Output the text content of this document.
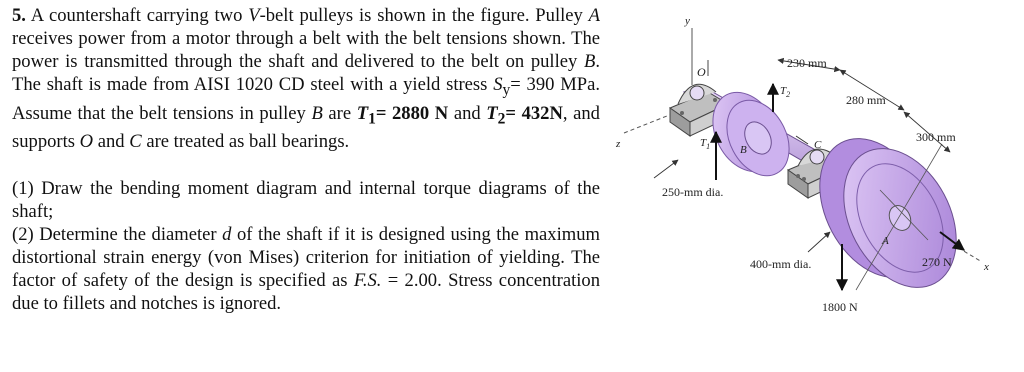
5. A countershaft carrying two V-belt pulleys is shown in the figure. Pulley A receives power from a motor through a belt with the belt tensions shown. The power is transmitted through the shaft and delivered to the belt on pulley B. The shaft is made from AISI 1020 CD steel with a yield stress $S_y= 390$ MPa. Assume that the belt tensions in pulley B are $T_1= 2880$ N and $T_2= 432N$, and supports O and C are treated as ball bearings.

(1) Draw the bending moment diagram and internal torque diagrams of the shaft;

(2) Determine the diameter d of the shaft if it is designed using the maximum distortional strain energy (von Mises) criterion for initiation of yielding. The factor of safety of the design is specified as F.S. = 2.00. Stress concentration due to fillets and notches is ignored.

y
z
x
O
B
$T_1$
$T_2$
C
A
1800 N
270 N
230 mm
280 mm
300 mm
250-mm dia.
400-mm dia.
